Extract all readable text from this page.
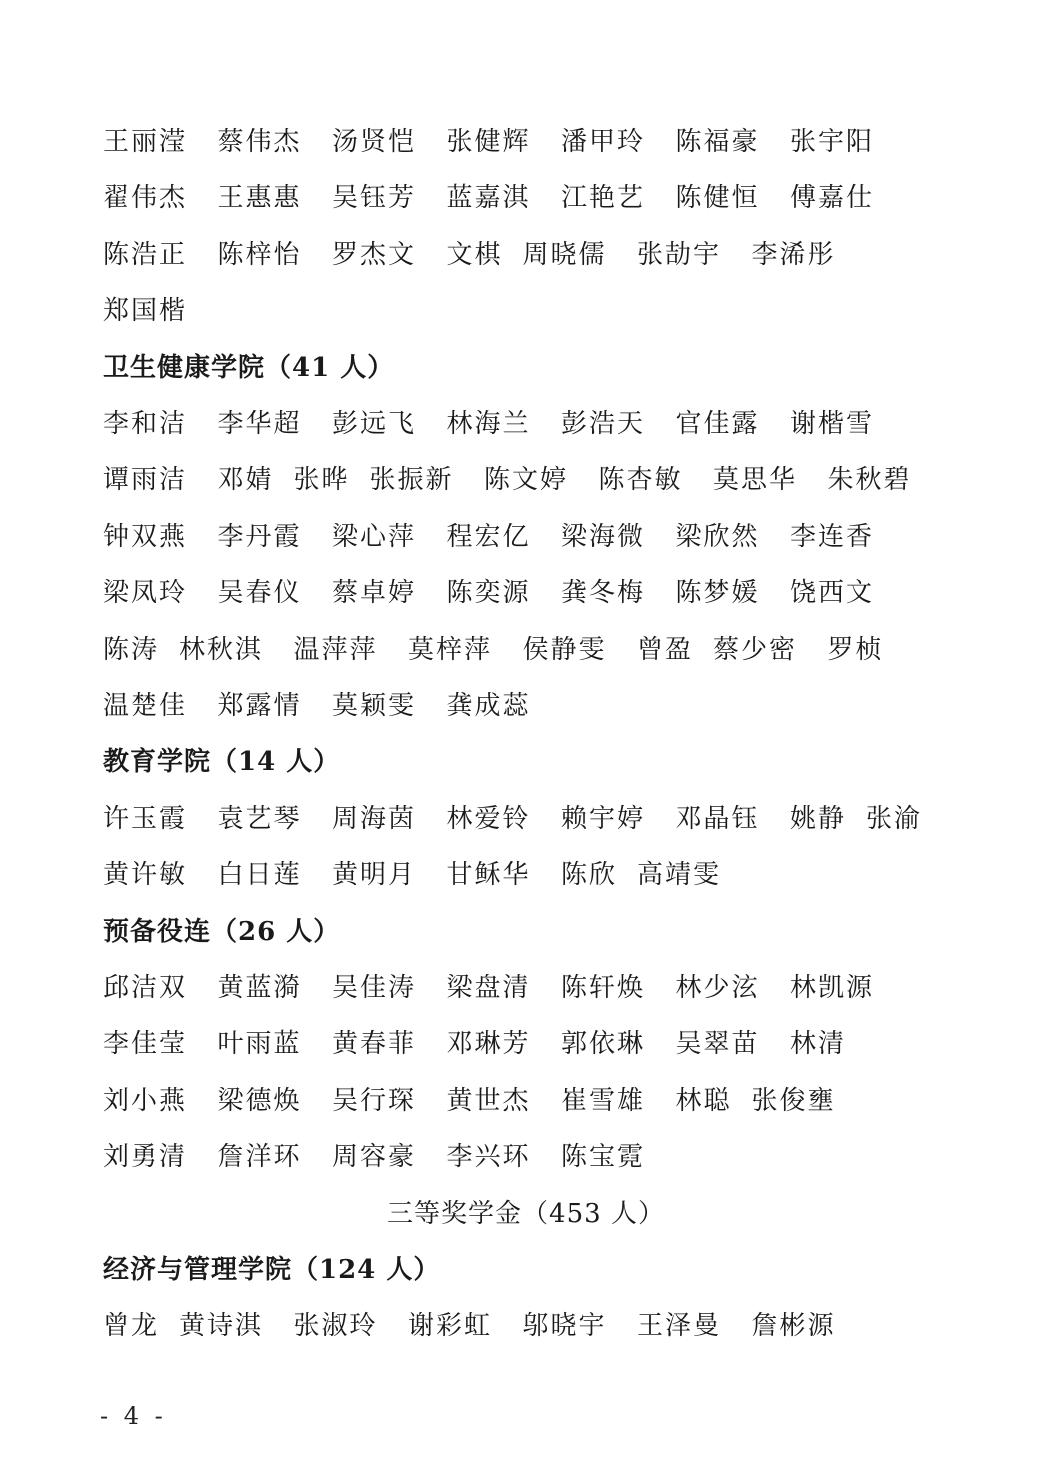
- 4 -
王丽滢 蔡伟杰 汤贤恺 张健辉 潘甲玲 陈福豪 张宇阳
翟伟杰 王惠惠 吴钰芳 蓝嘉淇 江艳艺 陈健恒 傅嘉仕
陈浩正 陈梓怡 罗杰文 文棋 周晓儒 张劼宇 李浠彤
郑国楷
卫生健康学院（41 人）
李和洁 李华超 彭远飞 林海兰 彭浩天 官佳露 谢楷雪
谭雨洁 邓婧 张晔 张振新 陈文婷 陈杏敏 莫思华 朱秋碧
钟双燕 李丹霞 梁心萍 程宏亿 梁海微 梁欣然 李连香
梁凤玲 吴春仪 蔡卓婷 陈奕源 龚冬梅 陈梦媛 饶西文
陈涛 林秋淇 温萍萍 莫梓萍 侯静雯 曾盈 蔡少密 罗桢
温楚佳 郑露情 莫颖雯 龚成蕊
教育学院（14 人）
许玉霞 袁艺琴 周海茵 林爱铃 赖宇婷 邓晶钰 姚静 张渝
黄许敏 白日莲 黄明月 甘稣华 陈欣 高靖雯
预备役连（26 人）
邱洁双 黄蓝漪 吴佳涛 梁盘清 陈轩焕 林少泫 林凯源
李佳莹 叶雨蓝 黄春菲 邓琳芳 郭依琳 吴翠苗 林清
刘小燕 梁德焕 吴行琛 黄世杰 崔雪雄 林聪 张俊壅
刘勇清 詹洋环 周容豪 李兴环 陈宝霓
三等奖学金（453 人）
经济与管理学院（124 人）
曾龙 黄诗淇 张淑玲 谢彩虹 邬晓宇 王泽曼 詹彬源
